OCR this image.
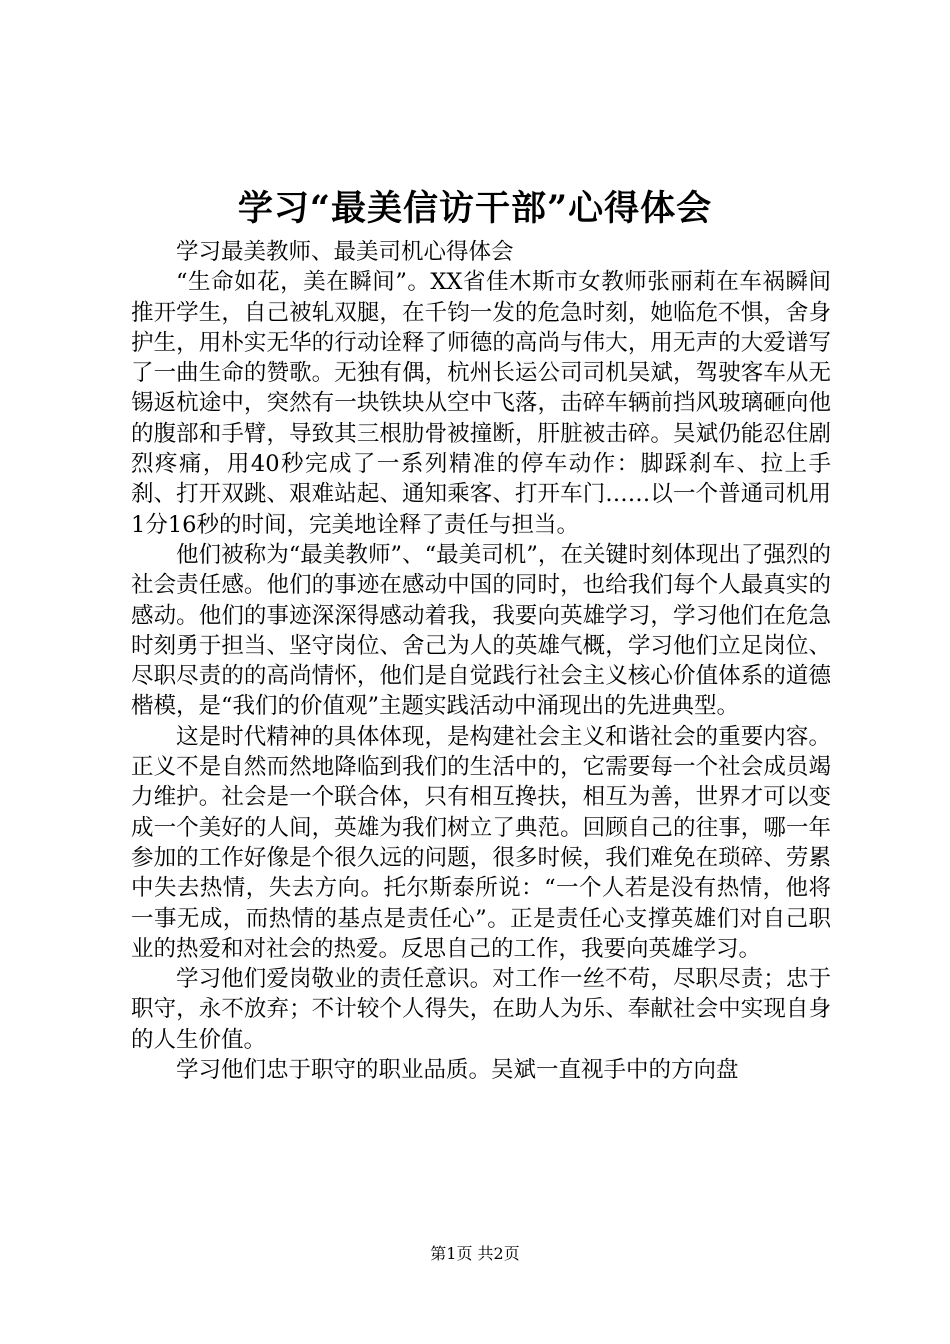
学习“最美信访干部”心得体会

学习最美教师、最美司机心得体会

“生命如花，美在瞬间”。XX省佳木斯市女教师张丽莉在车祸瞬间推开学生，自己被轧双腿，在千钧一发的危急时刻，她临危不惧，舍身护生，用朴实无华的行动诠释了师德的高尚与伟大，用无声的大爱谱写了一曲生命的赞歌。无独有偶，杭州长运公司司机吴斌，驾驶客车从无锡返杭途中，突然有一块铁块从空中飞落，击碎车辆前挡风玻璃砸向他的腹部和手臂，导致其三根肋骨被撞断，肝脏被击碎。吴斌仍能忍住剧烈疼痛，用40秒完成了一系列精准的停车动作：脚踩刹车、拉上手刹、打开双跳、艰难站起、通知乘客、打开车门……以一个普通司机用1分16秒的时间，完美地诠释了责任与担当。

他们被称为“最美教师”、“最美司机”，在关键时刻体现出了强烈的社会责任感。他们的事迹在感动中国的同时，也给我们每个人最真实的感动。他们的事迹深深得感动着我，我要向英雄学习，学习他们在危急时刻勇于担当、坚守岗位、舍己为人的英雄气概，学习他们立足岗位、尽职尽责的的高尚情怀，他们是自觉践行社会主义核心价值体系的道德楷模，是“我们的价值观”主题实践活动中涌现出的先进典型。

这是时代精神的具体体现，是构建社会主义和谐社会的重要内容。正义不是自然而然地降临到我们的生活中的，它需要每一个社会成员竭力维护。社会是一个联合体，只有相互搀扶，相互为善，世界才可以变成一个美好的人间，英雄为我们树立了典范。回顾自己的往事，哪一年参加的工作好像是个很久远的问题，很多时候，我们难免在琐碎、劳累中失去热情，失去方向。托尔斯泰所说：“一个人若是没有热情，他将一事无成，而热情的基点是责任心”。正是责任心支撑英雄们对自己职业的热爱和对社会的热爱。反思自己的工作，我要向英雄学习。

学习他们爱岗敬业的责任意识。对工作一丝不苟，尽职尽责；忠于职守，永不放弃；不计较个人得失，在助人为乐、奉献社会中实现自身的人生价值。

学习他们忠于职守的职业品质。吴斌一直视手中的方向盘

第1页 共2页
